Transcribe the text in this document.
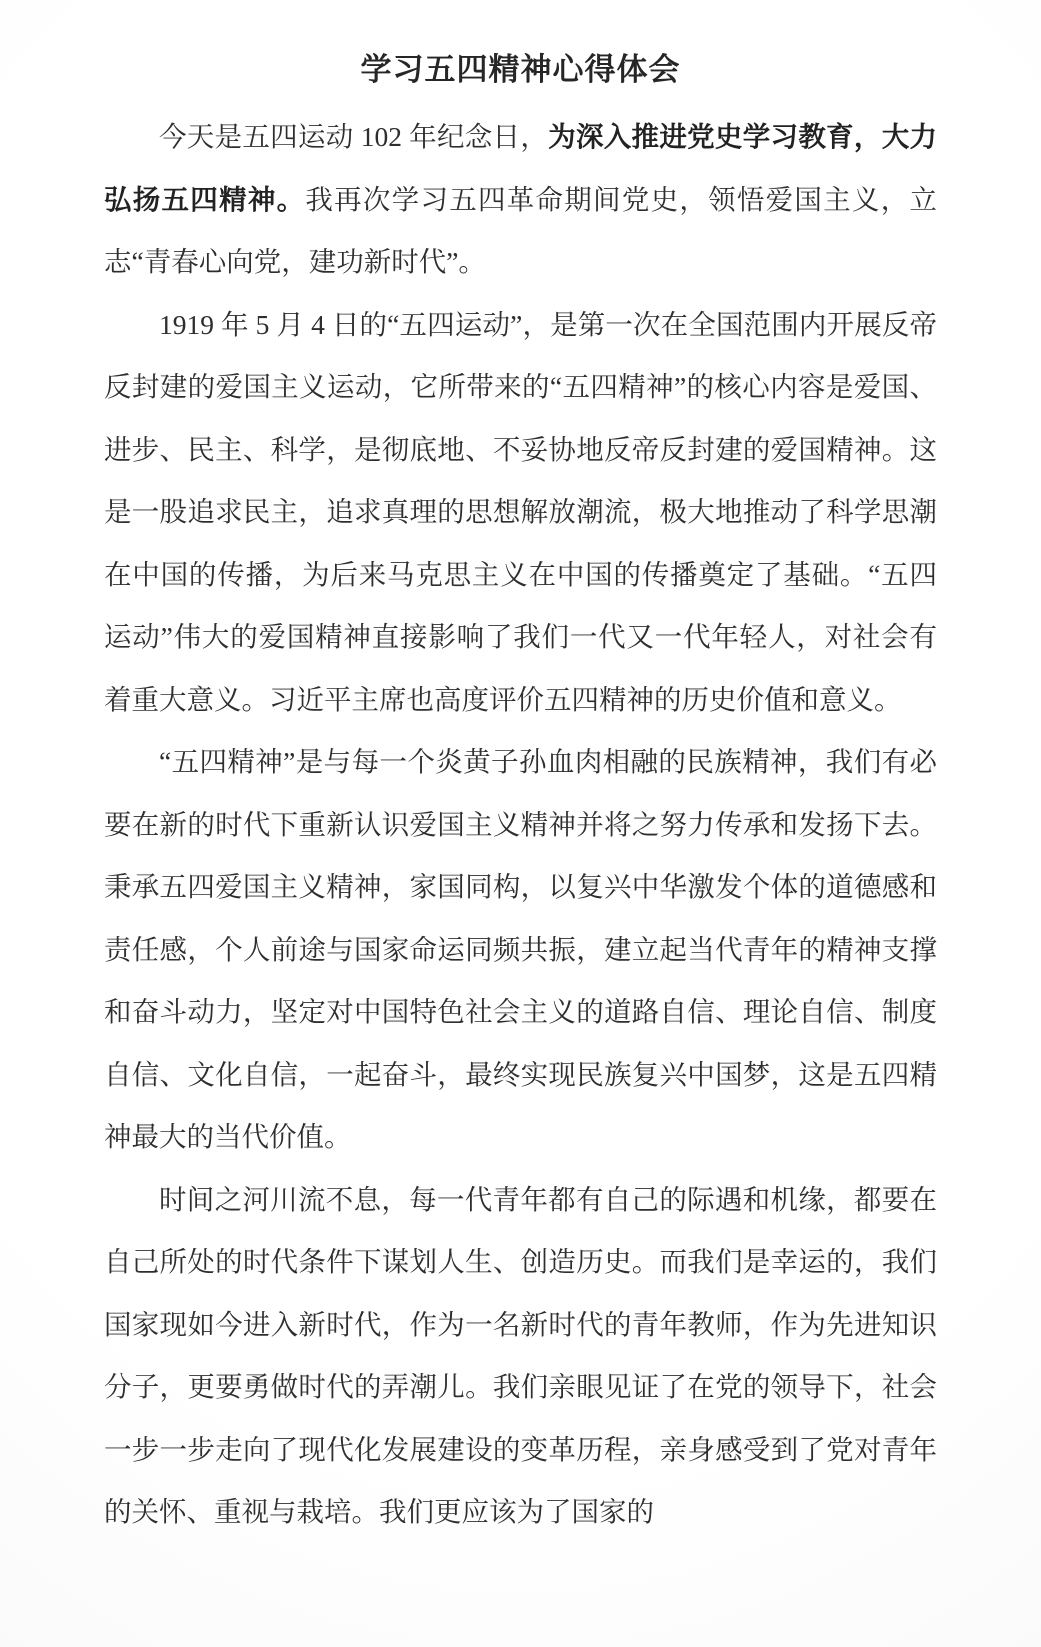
学习五四精神心得体会

今天是五四运动 102 年纪念日，为深入推进党史学习教育，大力弘扬五四精神。我再次学习五四革命期间党史，领悟爱国主义，立志“青春心向党，建功新时代”。

1919 年 5 月 4 日的“五四运动”，是第一次在全国范围内开展反帝反封建的爱国主义运动，它所带来的“五四精神”的核心内容是爱国、进步、民主、科学，是彻底地、不妥协地反帝反封建的爱国精神。这是一股追求民主，追求真理的思想解放潮流，极大地推动了科学思潮在中国的传播，为后来马克思主义在中国的传播奠定了基础。“五四运动”伟大的爱国精神直接影响了我们一代又一代年轻人，对社会有着重大意义。习近平主席也高度评价五四精神的历史价值和意义。

“五四精神”是与每一个炎黄子孙血肉相融的民族精神，我们有必要在新的时代下重新认识爱国主义精神并将之努力传承和发扬下去。秉承五四爱国主义精神，家国同构，以复兴中华激发个体的道德感和责任感，个人前途与国家命运同频共振，建立起当代青年的精神支撑和奋斗动力，坚定对中国特色社会主义的道路自信、理论自信、制度自信、文化自信，一起奋斗，最终实现民族复兴中国梦，这是五四精神最大的当代价值。

时间之河川流不息，每一代青年都有自己的际遇和机缘，都要在自己所处的时代条件下谋划人生、创造历史。而我们是幸运的，我们国家现如今进入新时代，作为一名新时代的青年教师，作为先进知识分子，更要勇做时代的弄潮儿。我们亲眼见证了在党的领导下，社会一步一步走向了现代化发展建设的变革历程，亲身感受到了党对青年的关怀、重视与栽培。我们更应该为了国家的
